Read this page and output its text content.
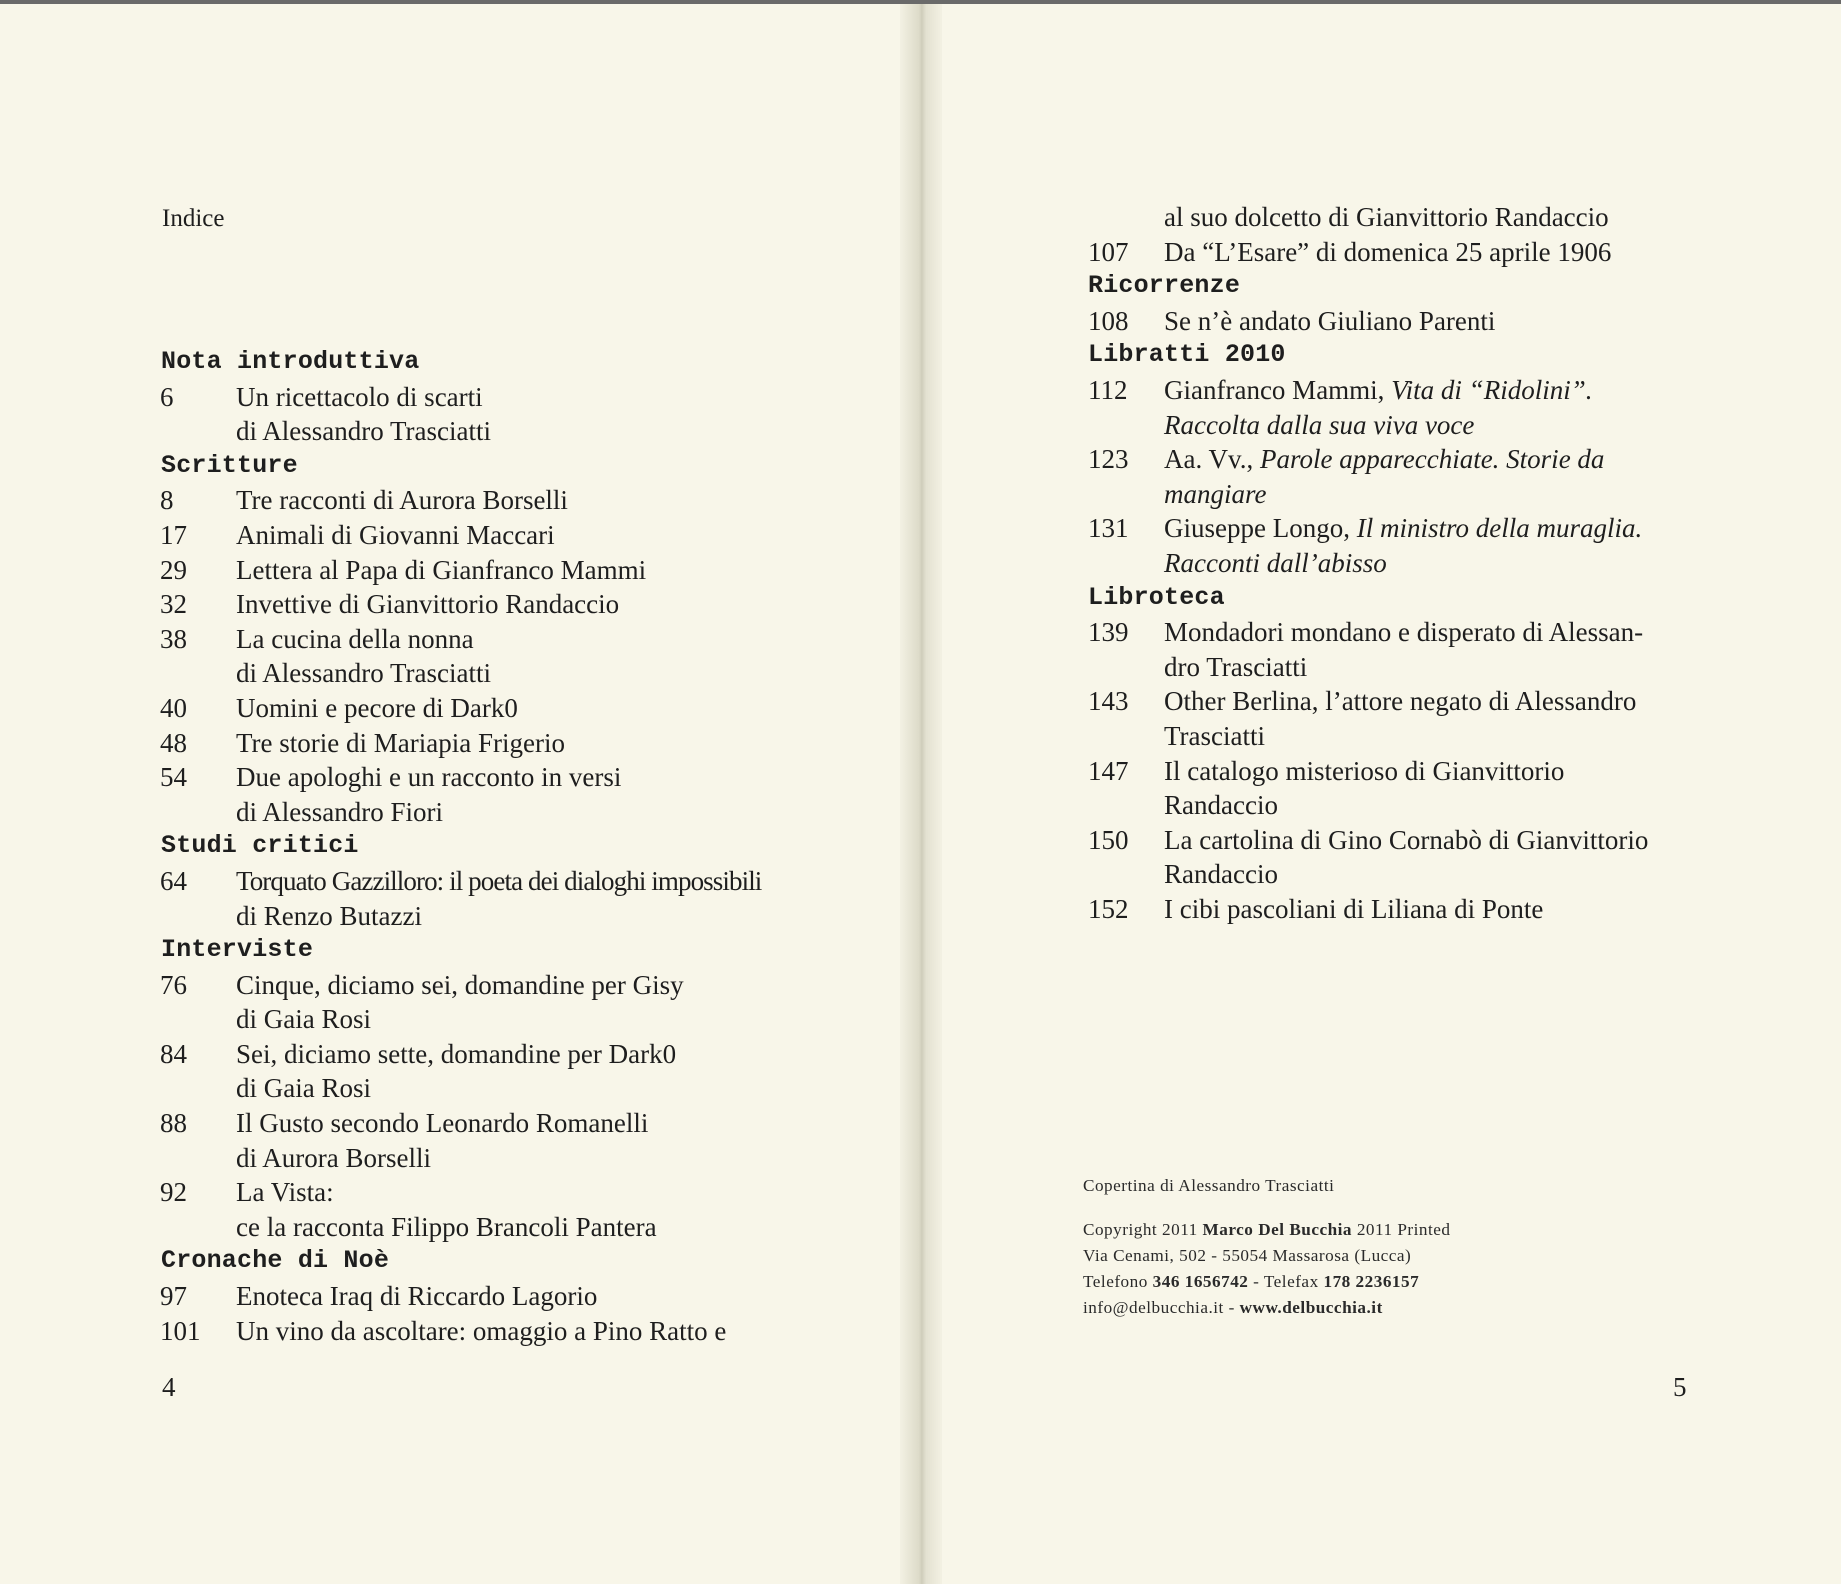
Indice
Nota introduttiva
6 Un ricettacolo di scarti
di Alessandro Trasciatti
Scritture
8 Tre racconti di Aurora Borselli
17 Animali di Giovanni Maccari
29 Lettera al Papa di Gianfranco Mammi
32 Invettive di Gianvittorio Randaccio
38 La cucina della nonna
di Alessandro Trasciatti
40 Uomini e pecore di Dark0
48 Tre storie di Mariapia Frigerio
54 Due apologhi e un racconto in versi
di Alessandro Fiori
Studi critici
64 Torquato Gazzilloro: il poeta dei dialoghi impossibili
di Renzo Butazzi
Interviste
76 Cinque, diciamo sei, domandine per Gisy
di Gaia Rosi
84 Sei, diciamo sette, domandine per Dark0
di Gaia Rosi
88 Il Gusto secondo Leonardo Romanelli
di Aurora Borselli
92 La Vista:
ce la racconta Filippo Brancoli Pantera
Cronache di Noè
97 Enoteca Iraq di Riccardo Lagorio
101 Un vino da ascoltare: omaggio a Pino Ratto e
al suo dolcetto di Gianvittorio Randaccio
107 Da “L’Esare” di domenica 25 aprile 1906
Ricorrenze
108 Se n’è andato Giuliano Parenti
Libratti 2010
112 Gianfranco Mammi, Vita di “Ridolini”.
Raccolta dalla sua viva voce
123 Aa. Vv., Parole apparecchiate. Storie da
mangiare
131 Giuseppe Longo, Il ministro della muraglia.
Racconti dall’abisso
Libroteca
139 Mondadori mondano e disperato di Alessan-
dro Trasciatti
143 Other Berlina, l’attore negato di Alessandro
Trasciatti
147 Il catalogo misterioso di Gianvittorio
Randaccio
150 La cartolina di Gino Cornabò di Gianvittorio
Randaccio
152 I cibi pascoliani di Liliana di Ponte
4	5
Copertina di Alessandro Trasciatti
Copyright 2011 Marco Del Bucchia 2011 Printed
Via Cenami, 502 - 55054 Massarosa (Lucca)
Telefono 346 1656742 - Telefax 178 2236157
info@delbucchia.it - www.delbucchia.it
